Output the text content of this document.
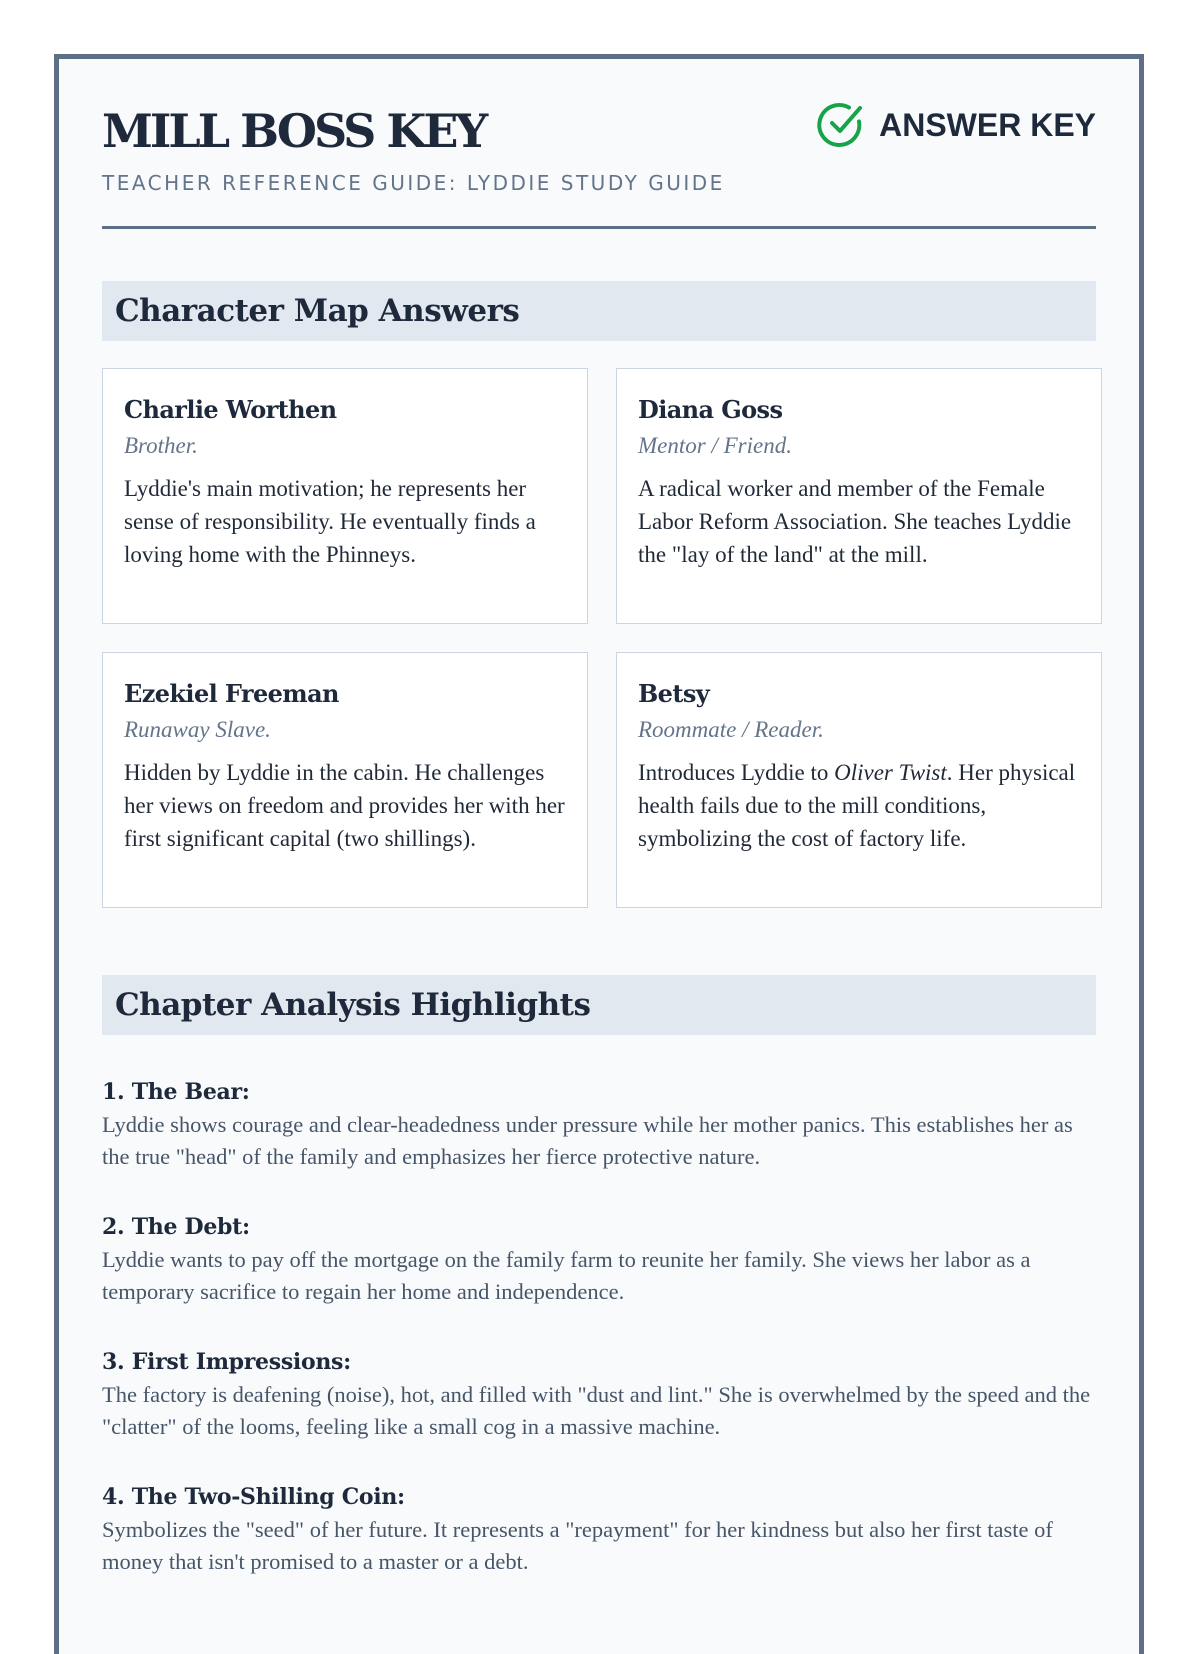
MILL BOSS KEY
TEACHER REFERENCE GUIDE: LYDDIE STUDY GUIDE
ANSWER KEY
Character Map Answers
Charlie Worthen
Brother.
Lyddie's main motivation; he represents her sense of responsibility. He eventually finds a loving home with the Phinneys.
Diana Goss
Mentor / Friend.
A radical worker and member of the Female Labor Reform Association. She teaches Lyddie the "lay of the land" at the mill.
Ezekiel Freeman
Runaway Slave.
Hidden by Lyddie in the cabin. He challenges her views on freedom and provides her with her first significant capital (two shillings).
Betsy
Roommate / Reader.
Introduces Lyddie to Oliver Twist. Her physical health fails due to the mill conditions, symbolizing the cost of factory life.
Chapter Analysis Highlights
1. The Bear:
Lyddie shows courage and clear-headedness under pressure while her mother panics. This establishes her as the true "head" of the family and emphasizes her fierce protective nature.
2. The Debt:
Lyddie wants to pay off the mortgage on the family farm to reunite her family. She views her labor as a temporary sacrifice to regain her home and independence.
3. First Impressions:
The factory is deafening (noise), hot, and filled with "dust and lint." She is overwhelmed by the speed and the "clatter" of the looms, feeling like a small cog in a massive machine.
4. The Two-Shilling Coin:
Symbolizes the "seed" of her future. It represents a "repayment" for her kindness but also her first taste of money that isn't promised to a master or a debt.
